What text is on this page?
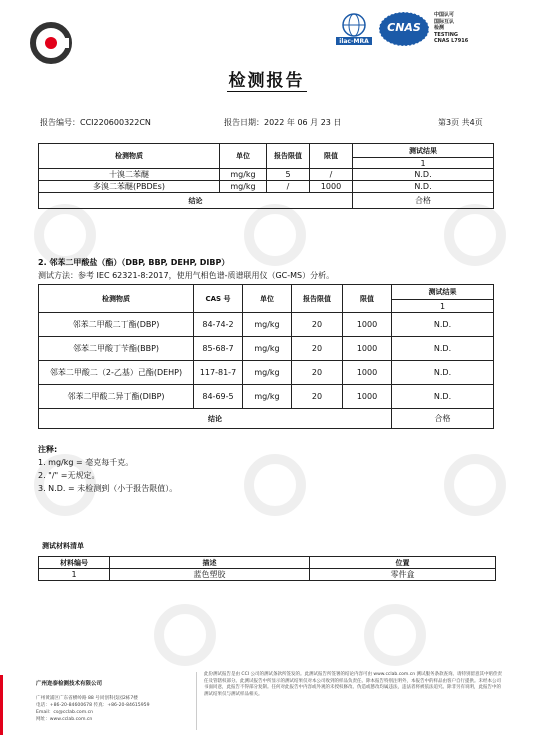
ilac-MRA
CNAS
中国认可
国际互认
检测
TESTING
CNAS L7916
检测报告
报告编号：CCI220600322CN	报告日期：2022 年 06 月 23 日	第3页 共4页
检测物质	单位	报告限值	限值	测试结果
				1
十溴二苯醚	mg/kg	5	/	N.D.
多溴二苯醚(PBDEs)	mg/kg	/	1000	N.D.
结论				合格
2. 邻苯二甲酸盐（酯）（DBP, BBP, DEHP, DIBP）
测试方法：参考 IEC 62321-8:2017，使用气相色谱-质谱联用仪（GC-MS）分析。
检测物质	CAS 号	单位	报告限值	限值	测试结果
					1
邻苯二甲酸二丁酯(DBP)	84-74-2	mg/kg	20	1000	N.D.
邻苯二甲酸丁苄酯(BBP)	85-68-7	mg/kg	20	1000	N.D.
邻苯二甲酸二（2-乙基）己酯(DEHP)	117-81-7	mg/kg	20	1000	N.D.
邻苯二甲酸二异丁酯(DIBP)	84-69-5	mg/kg	20	1000	N.D.
结论					合格
注释:
1. mg/kg = 毫克每千克。
2. "/" =无规定。
3. N.D. = 未检测到（小于报告限值）。
测试材料清单
材料编号	描述	位置
1	蓝色塑胶	零件盒
广州迩泰检测技术有限公司
广州黄浦区广东省横岭路 88 号同创科技园2栋7楼
电话：+86-20-84600678 传真：+86-20-84615959
Email：cs@cclab.com.cn
网址：www.cclab.com.cn
此份测试报告是由 CCI 公司的测试条款所签发的。此测试报告所签署的结论内容可由 www.cclab.com.cn 测试服务条款查询。请特别留意其中赔偿责任及管辖权部分。此测试报告中所显示的测试结果仅对本公司收到的样品负责任。除本报告特别注明外，本报告中的样品由客户自行提供。未经本公司书面同意，此报告不得部分复制。任何对此报告中内容或外观的未授权修改、伪造或篡改均属违法，违法者将被依法追究。除非另有说明，此报告中的测试结果仅与测试样品相关。
